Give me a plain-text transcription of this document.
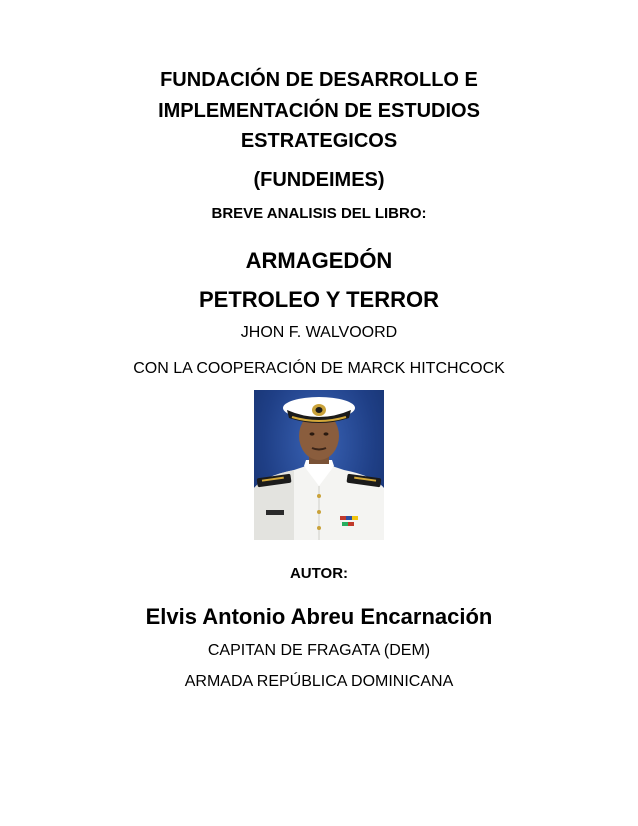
FUNDACIÓN DE DESARROLLO E
IMPLEMENTACIÓN DE ESTUDIOS
ESTRATEGICOS
(FUNDEIMES)
BREVE ANALISIS DEL LIBRO:
ARMAGEDÓN
PETROLEO Y TERROR
JHON F. WALVOORD
CON LA COOPERACIÓN DE MARCK HITCHCOCK
AUTOR:
Elvis Antonio Abreu Encarnación
CAPITAN DE FRAGATA (DEM)
ARMADA REPÚBLICA DOMINICANA
